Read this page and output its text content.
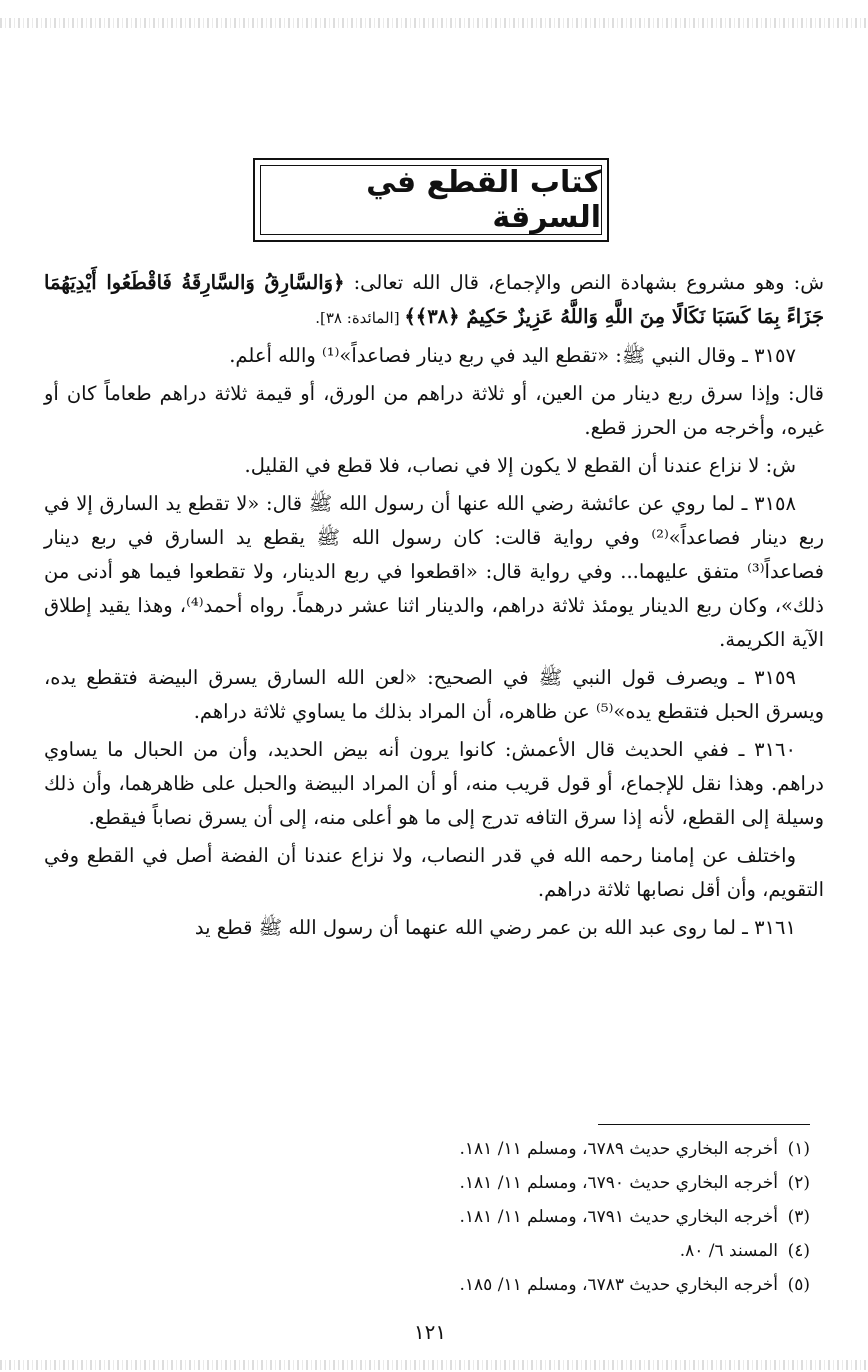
كتاب القطع في السرقة

ش: وهو مشروع بشهادة النص والإجماع، قال الله تعالى: ﴿وَالسَّارِقُ وَالسَّارِقَةُ فَاقْطَعُوا أَيْدِيَهُمَا جَزَاءً بِمَا كَسَبَا نَكَالًا مِنَ اللَّهِ وَاللَّهُ عَزِيزٌ حَكِيمٌ ﴿٣٨﴾﴾ [المائدة: ٣٨].

٣١٥٧ ـ وقال النبي ﷺ: «تقطع اليد في ربع دينار فصاعداً»⁽¹⁾ والله أعلم.

قال: وإذا سرق ربع دينار من العين، أو ثلاثة دراهم من الورق، أو قيمة ثلاثة دراهم طعاماً كان أو غيره، وأخرجه من الحرز قطع.

ش: لا نزاع عندنا أن القطع لا يكون إلا في نصاب، فلا قطع في القليل.

٣١٥٨ ـ لما روي عن عائشة رضي الله عنها أن رسول الله ﷺ قال: «لا تقطع يد السارق إلا في ربع دينار فصاعداً»⁽²⁾ وفي رواية قالت: كان رسول الله ﷺ يقطع يد السارق في ربع دينار فصاعداً⁽³⁾ متفق عليهما... وفي رواية قال: «اقطعوا في ربع الدينار، ولا تقطعوا فيما هو أدنى من ذلك»، وكان ربع الدينار يومئذ ثلاثة دراهم، والدينار اثنا عشر درهماً. رواه أحمد⁽⁴⁾، وهذا يقيد إطلاق الآية الكريمة.

٣١٥٩ ـ ويصرف قول النبي ﷺ في الصحيح: «لعن الله السارق يسرق البيضة فتقطع يده، ويسرق الحبل فتقطع يده»⁽⁵⁾ عن ظاهره، أن المراد بذلك ما يساوي ثلاثة دراهم.

٣١٦٠ ـ ففي الحديث قال الأعمش: كانوا يرون أنه بيض الحديد، وأن من الحبال ما يساوي دراهم. وهذا نقل للإجماع، أو قول قريب منه، أو أن المراد البيضة والحبل على ظاهرهما، وأن ذلك وسيلة إلى القطع، لأنه إذا سرق التافه تدرج إلى ما هو أعلى منه، إلى أن يسرق نصاباً فيقطع.

واختلف عن إمامنا رحمه الله في قدر النصاب، ولا نزاع عندنا أن الفضة أصل في القطع وفي التقويم، وأن أقل نصابها ثلاثة دراهم.

٣١٦١ ـ لما روى عبد الله بن عمر رضي الله عنهما أن رسول الله ﷺ قطع يد

(١)أخرجه البخاري حديث ٦٧٨٩، ومسلم ١١/ ١٨١.
(٢)أخرجه البخاري حديث ٦٧٩٠، ومسلم ١١/ ١٨١.
(٣)أخرجه البخاري حديث ٦٧٩١، ومسلم ١١/ ١٨١.
(٤)المسند ٦/ ٨٠.
(٥)أخرجه البخاري حديث ٦٧٨٣، ومسلم ١١/ ١٨٥.
١٢١
